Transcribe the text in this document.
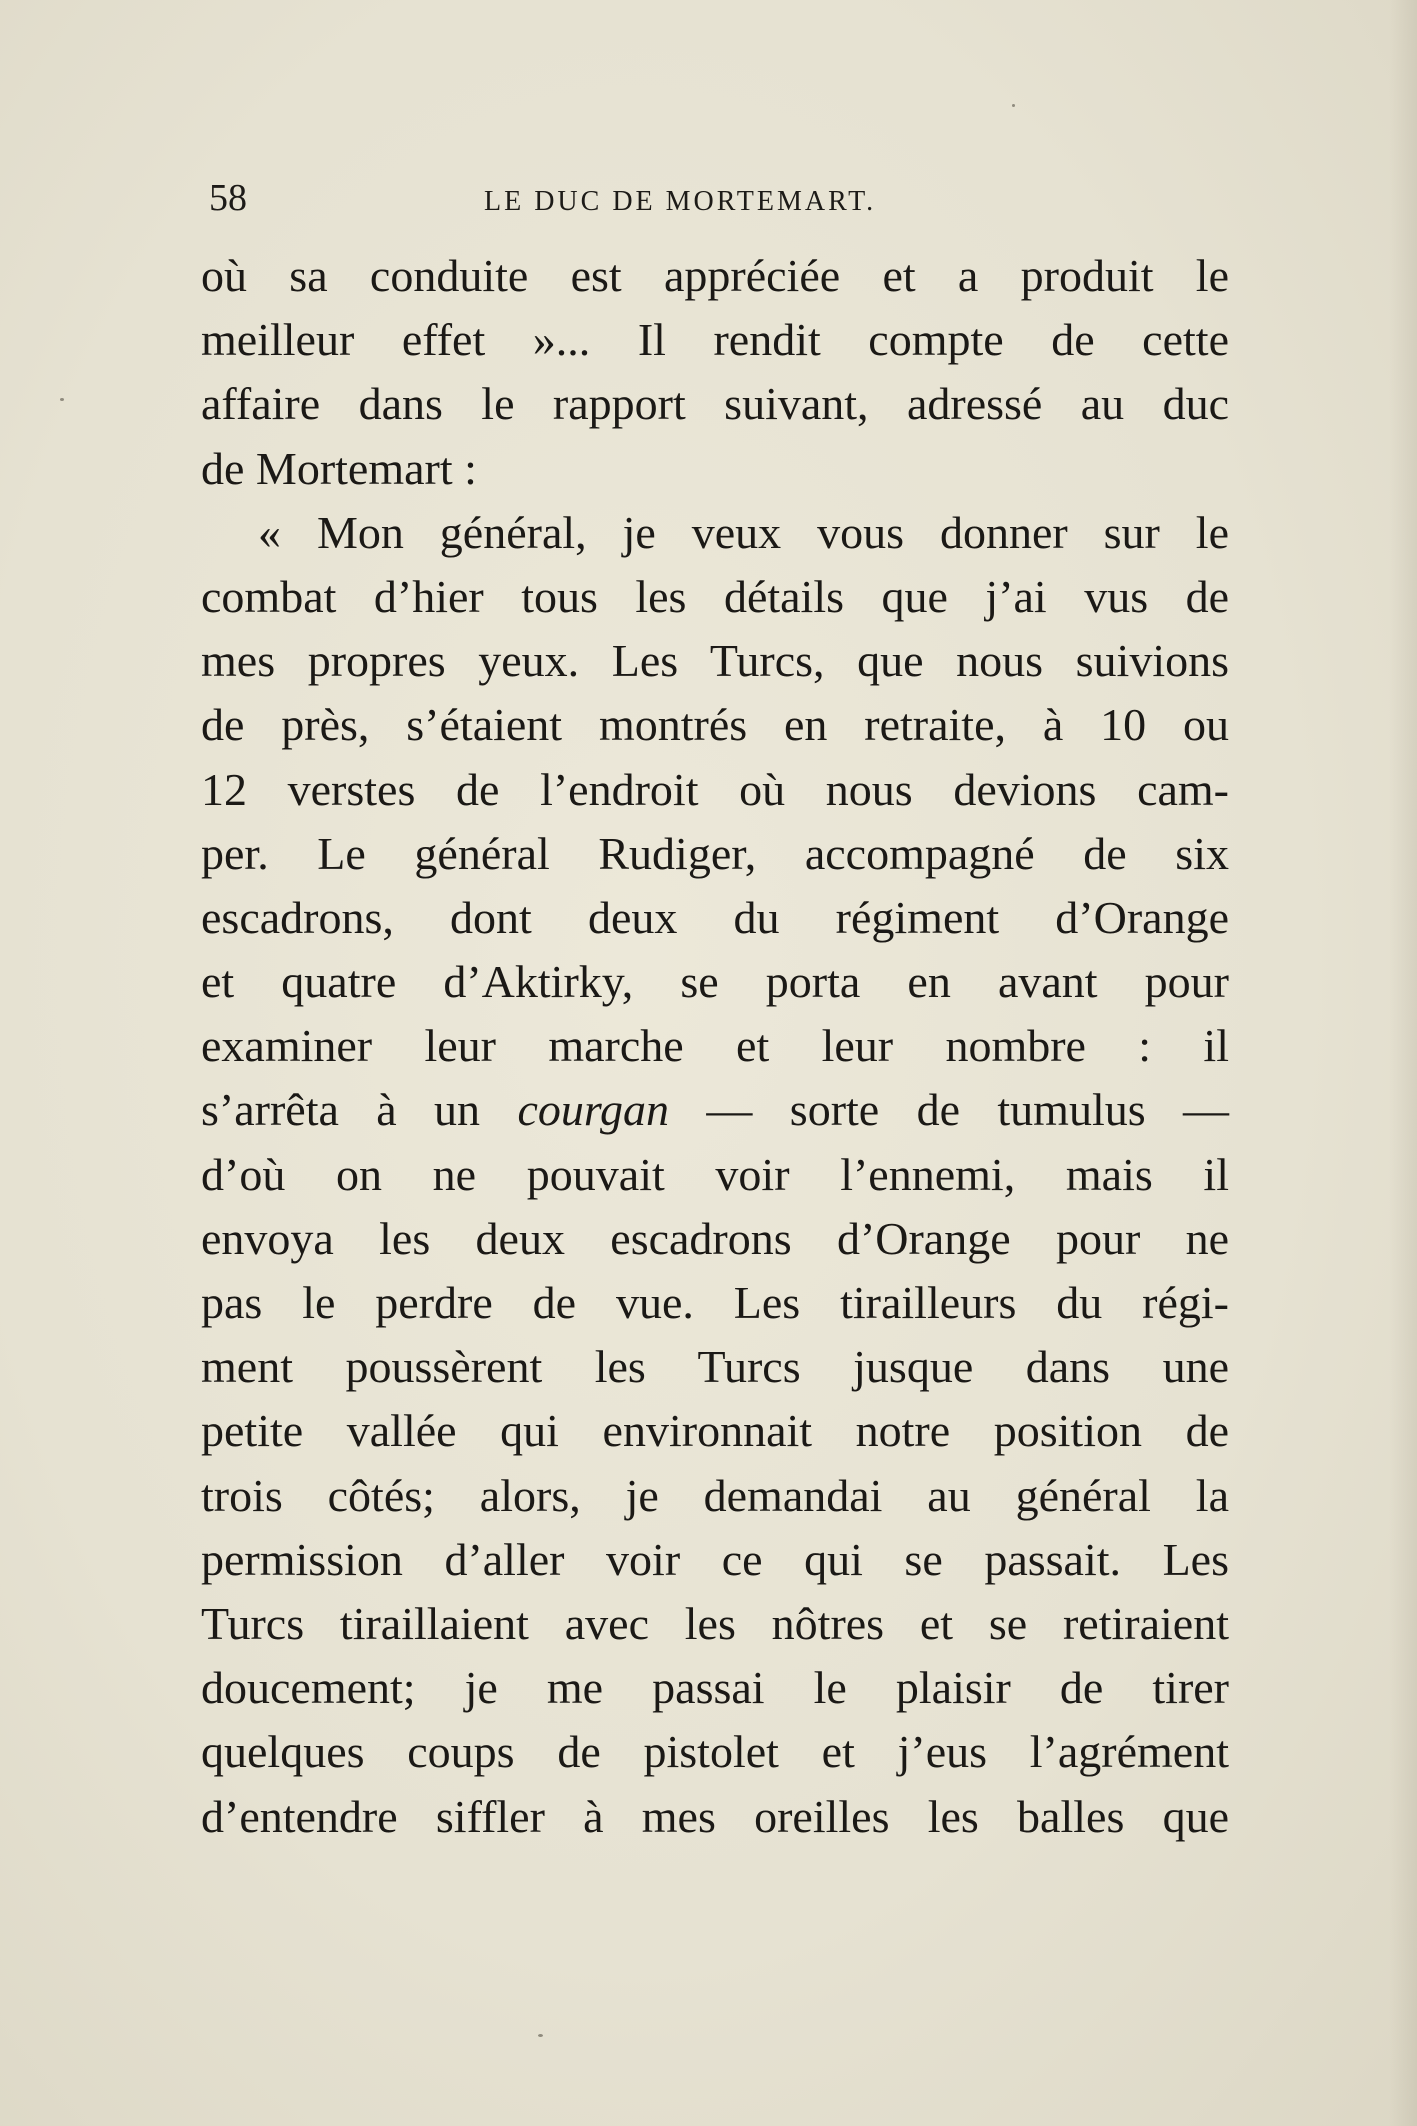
58	LE DUC DE MORTEMART.
où sa conduite est appréciée et a produit le
meilleur effet »... Il rendit compte de cette
affaire dans le rapport suivant, adressé au duc
de Mortemart :
« Mon général, je veux vous donner sur le
combat d’hier tous les détails que j’ai vus de
mes propres yeux. Les Turcs, que nous suivions
de près, s’étaient montrés en retraite, à 10 ou
12 verstes de l’endroit où nous devions cam-
per. Le général Rudiger, accompagné de six
escadrons, dont deux du régiment d’Orange
et quatre d’Aktirky, se porta en avant pour
examiner leur marche et leur nombre : il
s’arrêta à un courgan — sorte de tumulus —
d’où on ne pouvait voir l’ennemi, mais il
envoya les deux escadrons d’Orange pour ne
pas le perdre de vue. Les tirailleurs du régi-
ment poussèrent les Turcs jusque dans une
petite vallée qui environnait notre position de
trois côtés; alors, je demandai au général la
permission d’aller voir ce qui se passait. Les
Turcs tiraillaient avec les nôtres et se retiraient
doucement; je me passai le plaisir de tirer
quelques coups de pistolet et j’eus l’agrément
d’entendre siffler à mes oreilles les balles que
